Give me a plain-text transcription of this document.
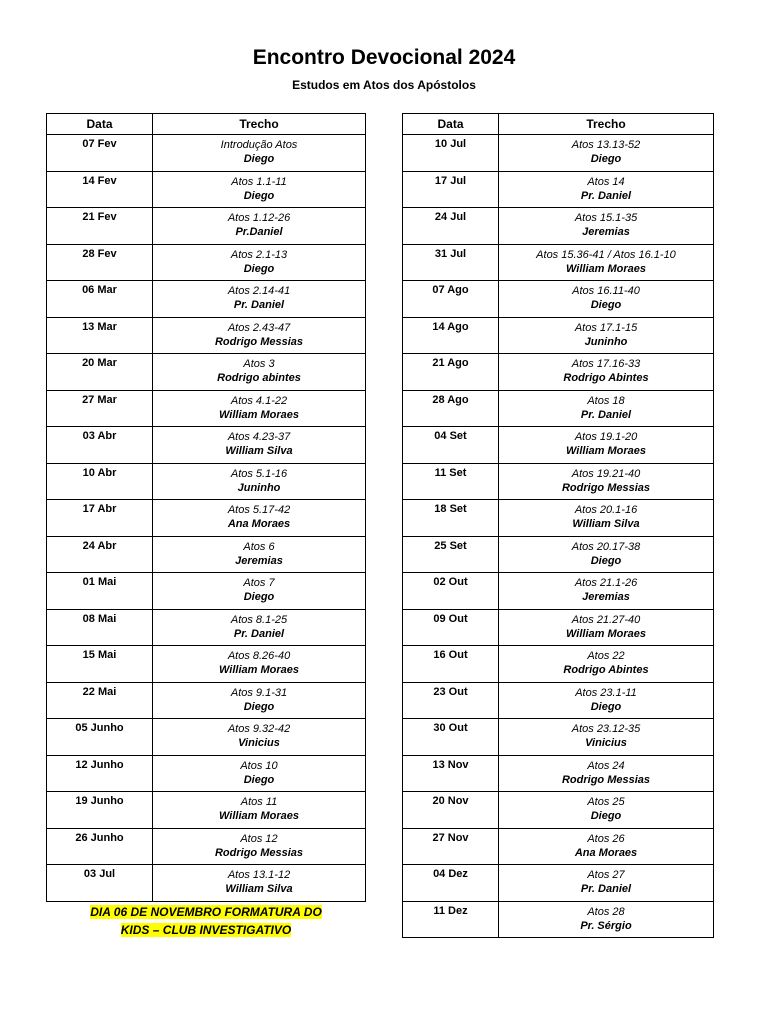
Encontro Devocional 2024
Estudos em Atos dos Apóstolos
Data	Trecho

07 Fev	Introdução Atos
Diego

14 Fev	Atos 1.1-11
Diego

21 Fev	Atos 1.12-26
Pr.Daniel

28 Fev	Atos 2.1-13
Diego

06 Mar	Atos 2.14-41
Pr. Daniel

13 Mar	Atos 2.43-47
Rodrigo Messias

20 Mar	Atos 3
Rodrigo abintes

27 Mar	Atos 4.1-22
William Moraes

03 Abr	Atos 4.23-37
William Silva

10 Abr	Atos 5.1-16
Juninho

17 Abr	Atos 5.17-42
Ana Moraes

24 Abr	Atos 6
Jeremias

01 Mai	Atos 7
Diego

08 Mai	Atos 8.1-25
Pr. Daniel

15 Mai	Atos 8.26-40
William Moraes

22 Mai	Atos 9.1-31
Diego

05 Junho	Atos 9.32-42
Vinicius

12 Junho	Atos 10
Diego

19 Junho	Atos 11
William Moraes

26 Junho	Atos 12
Rodrigo Messias

03 Jul	Atos 13.1-12
William Silva
Data	Trecho

10 Jul	Atos 13.13-52
Diego

17 Jul	Atos 14
Pr. Daniel

24 Jul	Atos 15.1-35
Jeremias

31 Jul	Atos 15.36-41 / Atos 16.1-10
William Moraes

07 Ago	Atos 16.11-40
Diego

14 Ago	Atos 17.1-15
Juninho

21 Ago	Atos 17.16-33
Rodrigo Abintes

28 Ago	Atos 18
Pr. Daniel

04 Set	Atos 19.1-20
William Moraes

11 Set	Atos 19.21-40
Rodrigo Messias

18 Set	Atos 20.1-16
William Silva

25 Set	Atos 20.17-38
Diego

02 Out	Atos 21.1-26
Jeremias

09 Out	Atos 21.27-40
William Moraes

16 Out	Atos 22
Rodrigo Abintes

23 Out	Atos 23.1-11
Diego

30 Out	Atos 23.12-35
Vinicius

13 Nov	Atos 24
Rodrigo Messias

20 Nov	Atos 25
Diego

27 Nov	Atos 26
Ana Moraes

04 Dez	Atos 27
Pr. Daniel

11 Dez	Atos 28
Pr. Sérgio
DIA 06 DE NOVEMBRO FORMATURA DO
KIDS – CLUB INVESTIGATIVO
